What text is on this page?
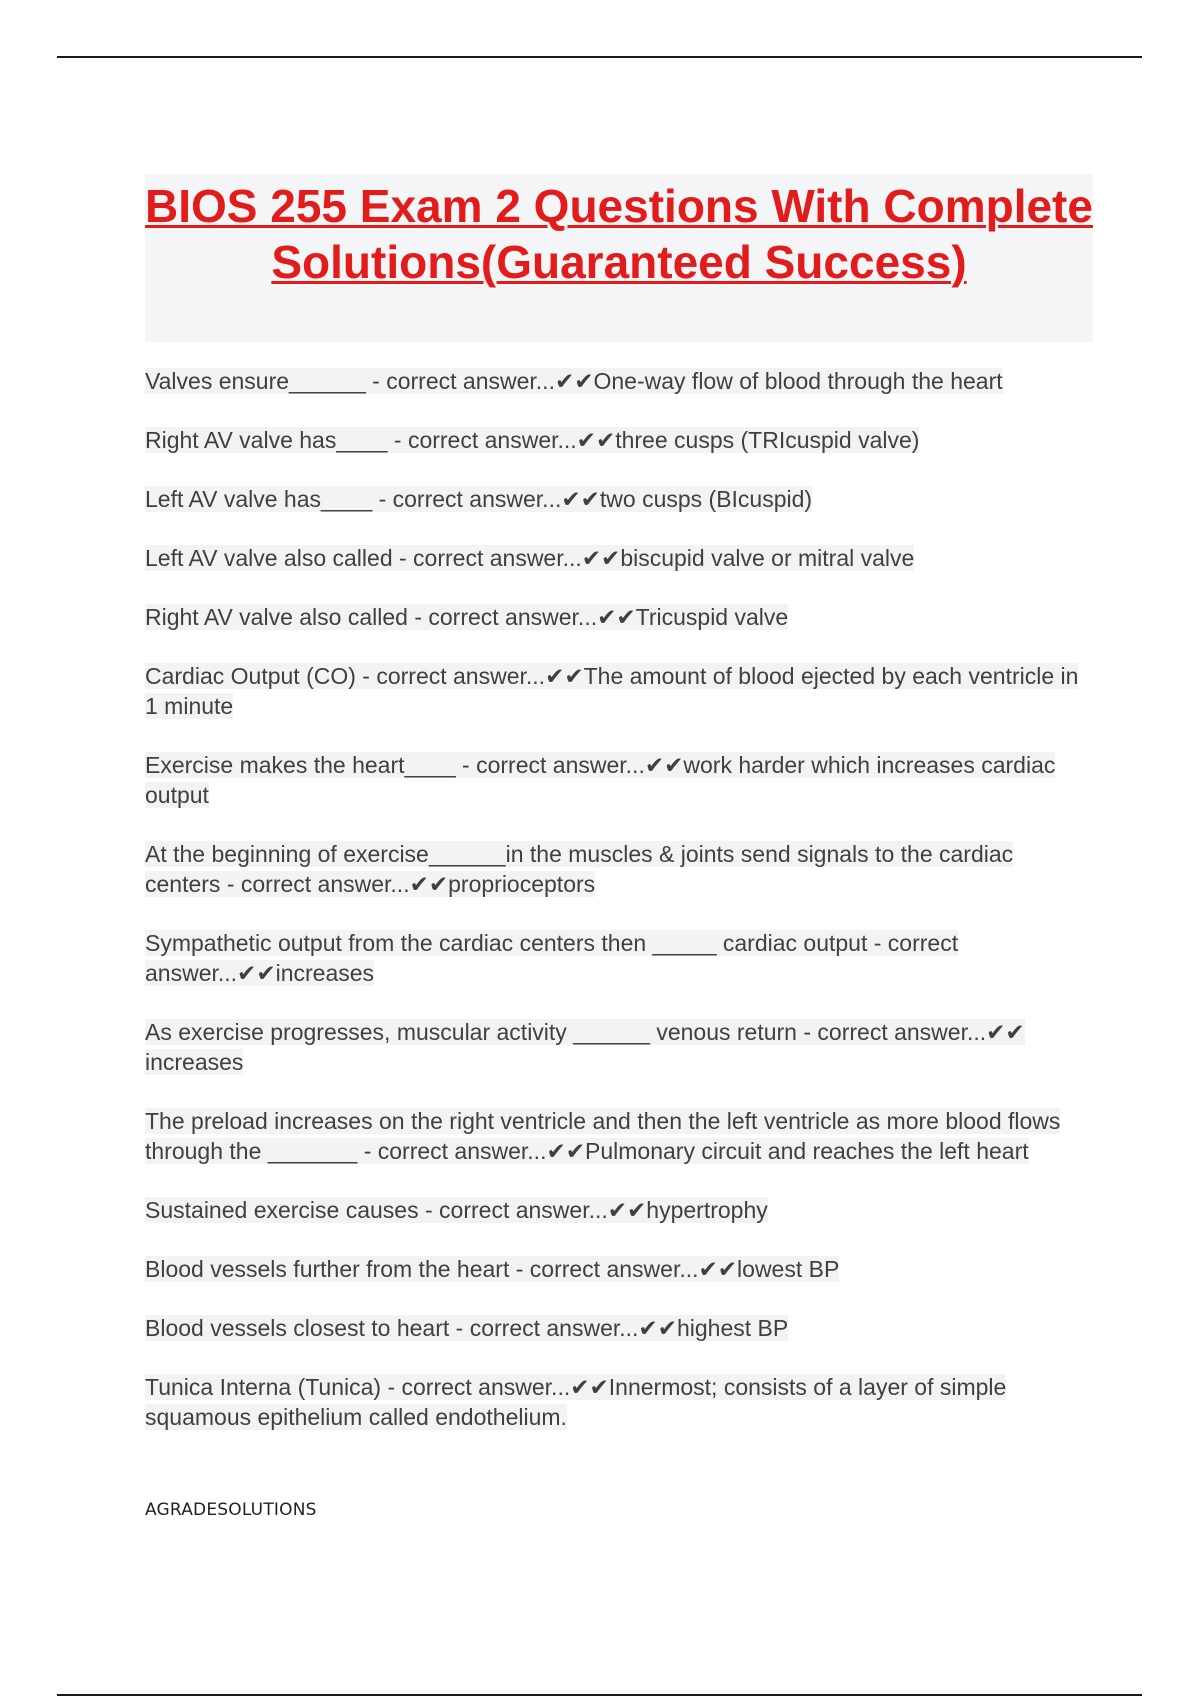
BIOS 255 Exam 2 Questions With Complete Solutions(Guaranteed Success)

Valves ensure______ - correct answer...✔✔One-way flow of blood through the heart

Right AV valve has____ - correct answer...✔✔three cusps (TRIcuspid valve)

Left AV valve has____ - correct answer...✔✔two cusps (BIcuspid)

Left AV valve also called - correct answer...✔✔biscupid valve or mitral valve

Right AV valve also called - correct answer...✔✔Tricuspid valve

Cardiac Output (CO) - correct answer...✔✔The amount of blood ejected by each ventricle in 1 minute

Exercise makes the heart____ - correct answer...✔✔work harder which increases cardiac output

At the beginning of exercise______in the muscles & joints send signals to the cardiac centers - correct answer...✔✔proprioceptors

Sympathetic output from the cardiac centers then _____ cardiac output - correct answer...✔✔increases

As exercise progresses, muscular activity ______ venous return - correct answer...✔✔ increases

The preload increases on the right ventricle and then the left ventricle as more blood flows through the _______ - correct answer...✔✔Pulmonary circuit and reaches the left heart

Sustained exercise causes - correct answer...✔✔hypertrophy

Blood vessels further from the heart - correct answer...✔✔lowest BP

Blood vessels closest to heart - correct answer...✔✔highest BP

Tunica Interna (Tunica) - correct answer...✔✔Innermost; consists of a layer of simple squamous epithelium called endothelium.

AGRADESOLUTIONS
